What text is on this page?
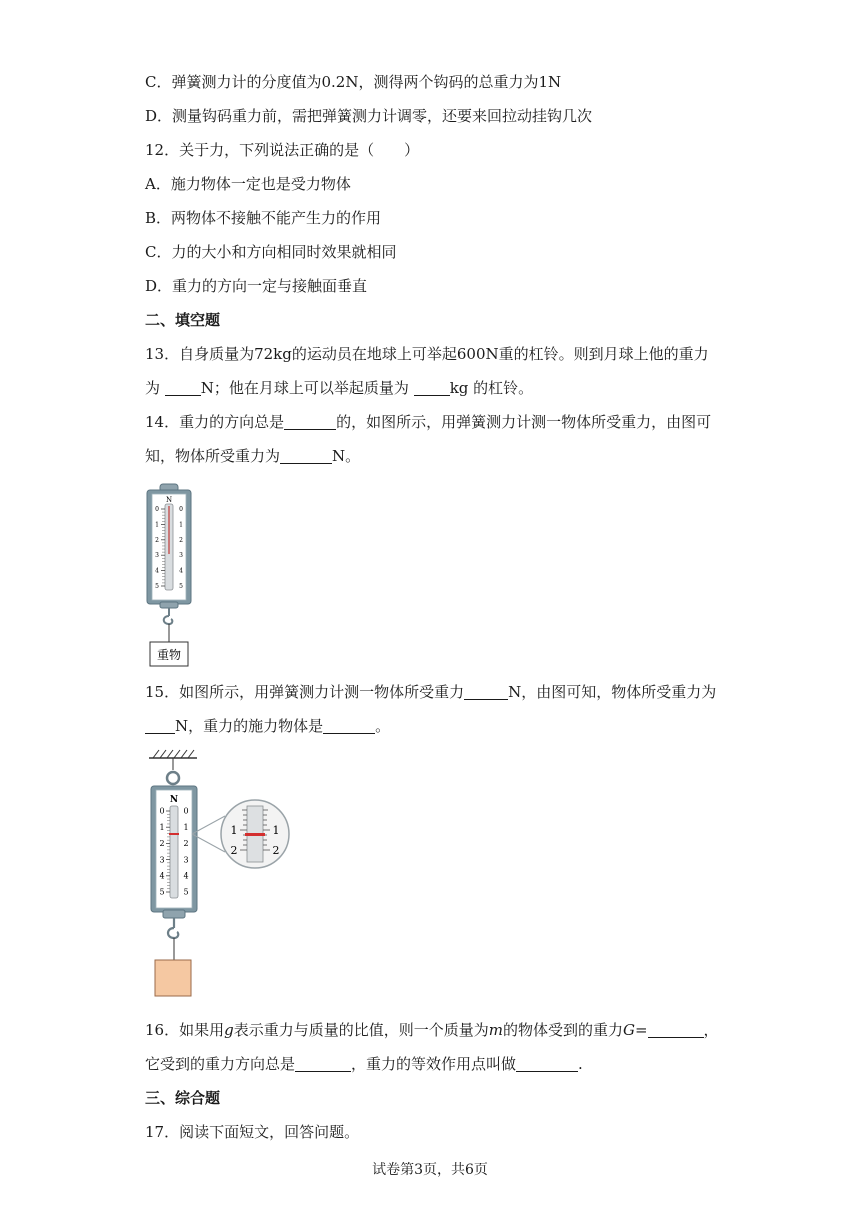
C．弹簧测力计的分度值为0.2N，测得两个钩码的总重力为1N
D．测量钩码重力前，需把弹簧测力计调零，还要来回拉动挂钩几次
12．关于力，下列说法正确的是（　　）
A．施力物体一定也是受力物体
B．两物体不接触不能产生力的作用
C．力的大小和方向相同时效果就相同
D．重力的方向一定与接触面垂直
二、填空题
13．自身质量为72kg的运动员在地球上可举起600N重的杠铃。则到月球上他的重力
为 N；他在月球上可以举起质量为 kg 的杠铃。
14．重力的方向总是	的，如图所示，用弹簧测力计测一物体所受重力，由图可
知，物体所受重力为	N。
N
0	0
1	1
2	2
3	3
4	4
5	5
重物
15．如图所示，用弹簧测力计测一物体所受重力	N，由图可知，物体所受重力为
N，重力的施力物体是	。
N
0 0
1 1
2 2
3 3
4 4
5 5
1	1
2	2
16．如果用g表示重力与质量的比值，则一个质量为m的物体受到的重力G=	，
它受到的重力方向总是	，重力的等效作用点叫做	.
三、综合题
17．阅读下面短文，回答问题。
试卷第3页，共6页
